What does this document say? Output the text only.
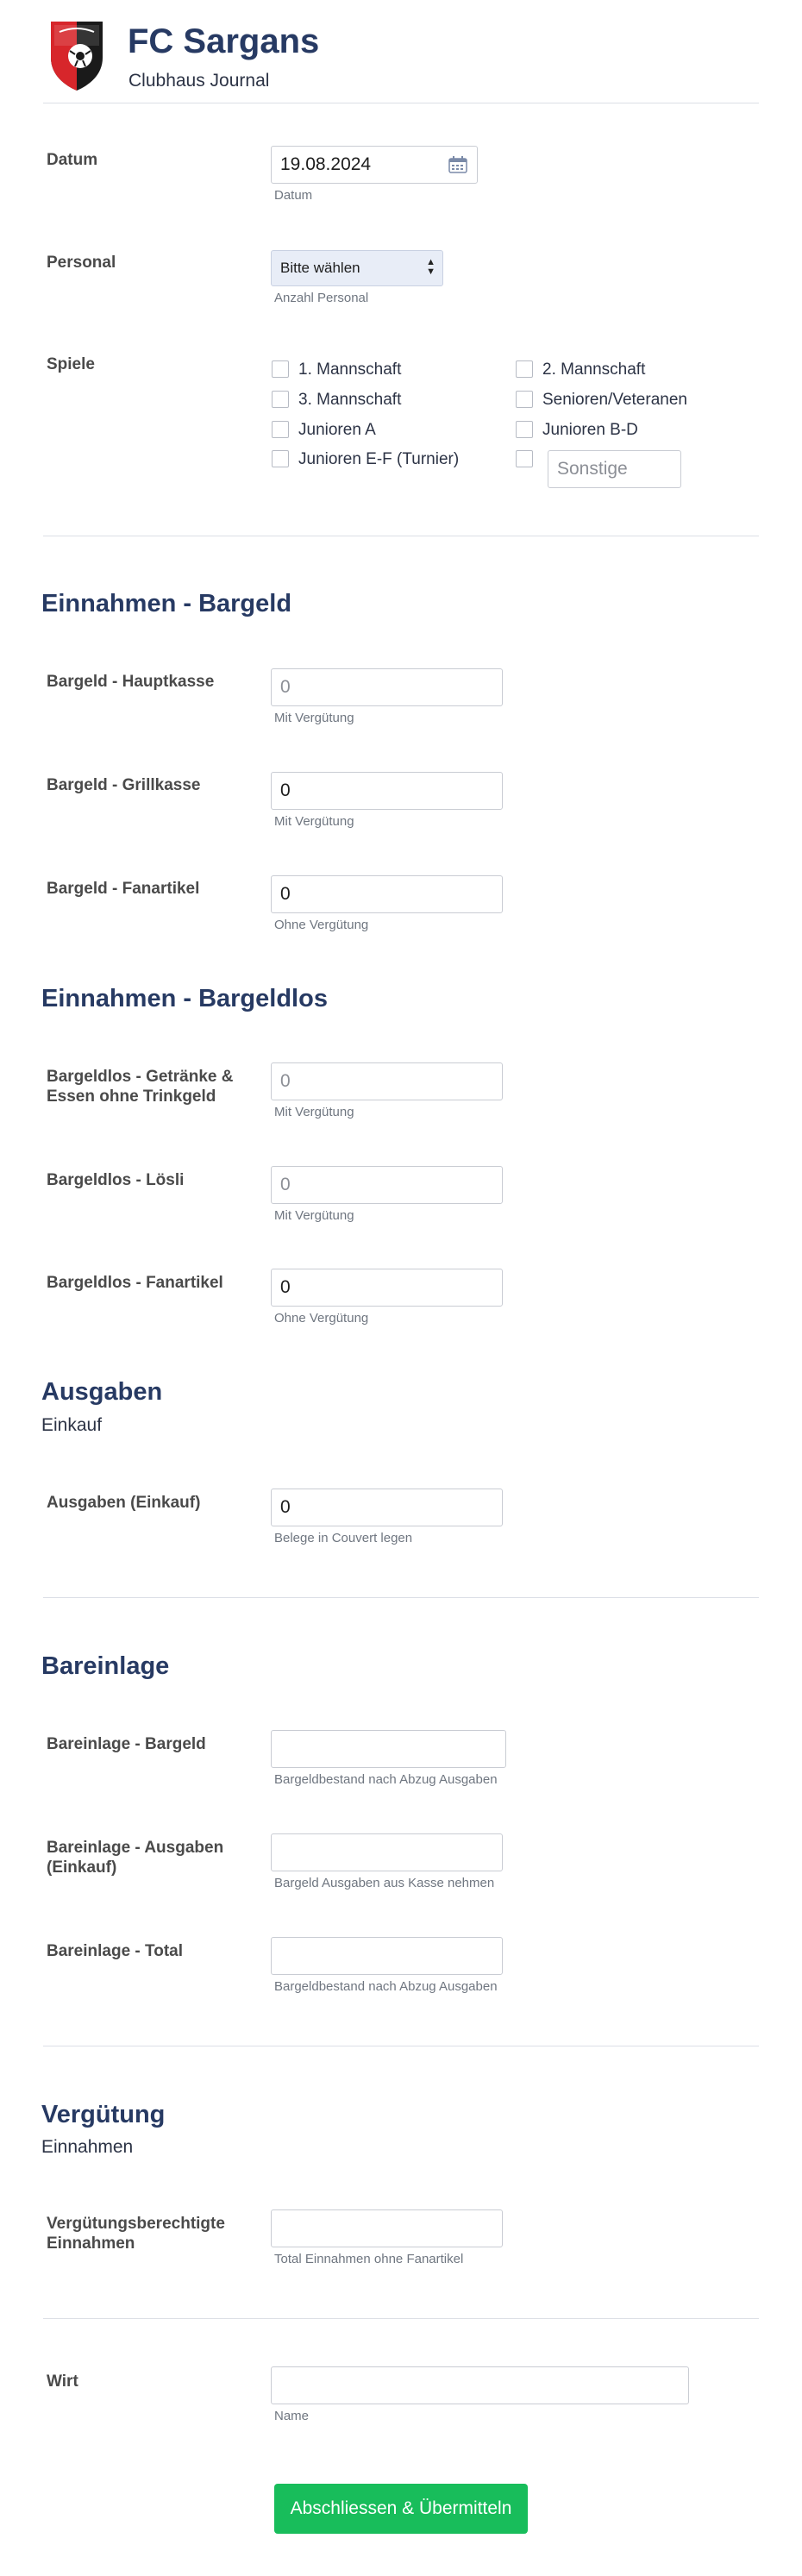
FC Sargans
Clubhaus Journal
Datum
19.08.2024
Datum
Personal	Bitte wählen	▲
▼
Anzahl Personal
Spiele	1. Mannschaft	2. Mannschaft
3. Mannschaft	Senioren/Veteranen
Junioren A	Junioren B-D
Junioren E-F (Turnier)
Sonstige
Einnahmen - Bargeld
Bargeld - Hauptkasse
0
Mit Vergütung
Bargeld - Grillkasse
0
Mit Vergütung
Bargeld - Fanartikel
0
Ohne Vergütung
Einnahmen - Bargeldlos
Bargeldlos - Getränke & Essen ohne Trinkgeld
0
Mit Vergütung
Bargeldlos - Lösli
0
Mit Vergütung
Bargeldlos - Fanartikel
0
Ohne Vergütung
Ausgaben
Einkauf
Ausgaben (Einkauf)
0
Belege in Couvert legen
Bareinlage
Bareinlage - Bargeld
Bargeldbestand nach Abzug Ausgaben
Bareinlage - Ausgaben (Einkauf)
Bargeld Ausgaben aus Kasse nehmen
Bareinlage - Total
Bargeldbestand nach Abzug Ausgaben
Vergütung
Einnahmen
Vergütungsberechtigte Einnahmen
Total Einnahmen ohne Fanartikel
Wirt
Name
Abschliessen & Übermitteln
